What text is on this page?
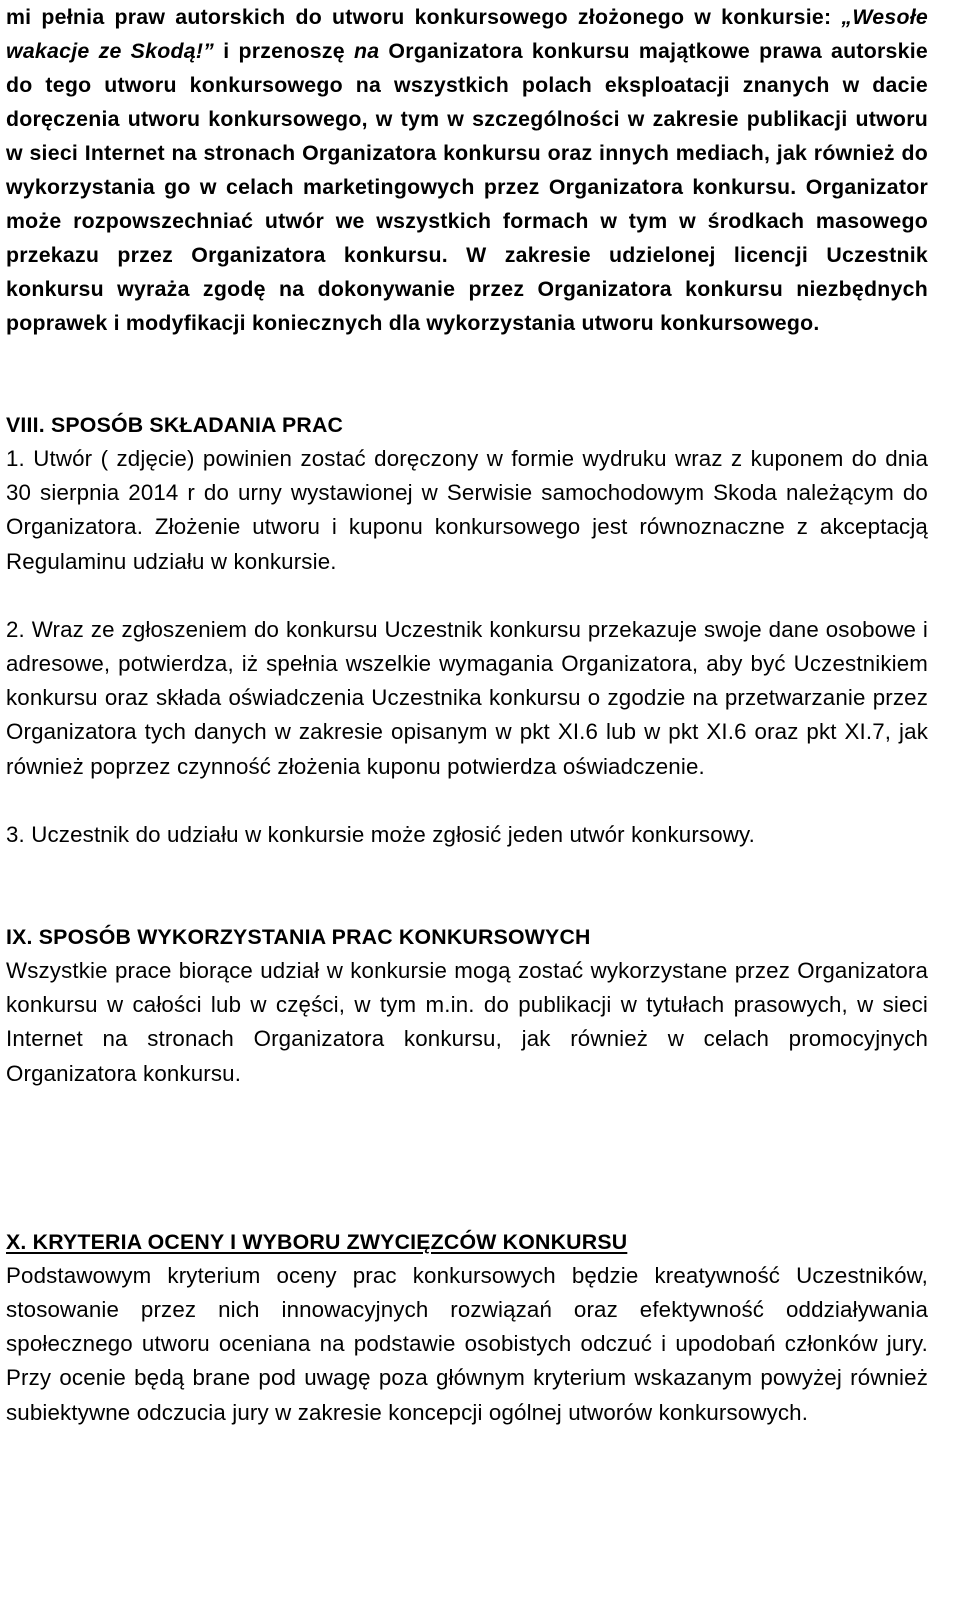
mi pełnia praw autorskich do utworu konkursowego złożonego w konkursie: „Wesołe wakacje ze Skodą!” i przenoszę na Organizatora konkursu majątkowe prawa autorskie do tego utworu konkursowego na wszystkich polach eksploatacji znanych w dacie doręczenia utworu konkursowego, w tym w szczególności w zakresie publikacji utworu w sieci Internet na stronach Organizatora konkursu oraz innych mediach, jak również do wykorzystania go w celach marketingowych przez Organizatora konkursu. Organizator może rozpowszechniać utwór we wszystkich formach w tym w środkach masowego przekazu przez Organizatora konkursu. W zakresie udzielonej licencji Uczestnik konkursu wyraża zgodę na dokonywanie przez Organizatora konkursu niezbędnych poprawek i modyfikacji koniecznych dla wykorzystania utworu konkursowego.

VIII. SPOSÓB SKŁADANIA PRAC

1. Utwór ( zdjęcie) powinien zostać doręczony w formie wydruku wraz z kuponem do dnia 30 sierpnia 2014 r do urny wystawionej w Serwisie samochodowym Skoda należącym do Organizatora. Złożenie utworu i kuponu konkursowego jest równoznaczne z akceptacją Regulaminu udziału w konkursie.

2. Wraz ze zgłoszeniem do konkursu Uczestnik konkursu przekazuje swoje dane osobowe i adresowe, potwierdza, iż spełnia wszelkie wymagania Organizatora, aby być Uczestnikiem konkursu oraz składa oświadczenia Uczestnika konkursu o zgodzie na przetwarzanie przez Organizatora tych danych w zakresie opisanym w pkt XI.6 lub w pkt XI.6 oraz pkt XI.7, jak również poprzez czynność złożenia kuponu potwierdza oświadczenie.

3. Uczestnik do udziału w konkursie może zgłosić jeden utwór konkursowy.

IX. SPOSÓB WYKORZYSTANIA PRAC KONKURSOWYCH

Wszystkie prace biorące udział w konkursie mogą zostać wykorzystane przez Organizatora konkursu w całości lub w części, w tym m.in. do publikacji w tytułach prasowych, w sieci Internet na stronach Organizatora konkursu, jak również w celach promocyjnych Organizatora konkursu.

X. KRYTERIA OCENY I WYBORU ZWYCIĘZCÓW KONKURSU

Podstawowym kryterium oceny prac konkursowych będzie kreatywność Uczestników, stosowanie przez nich innowacyjnych rozwiązań oraz efektywność oddziaływania społecznego utworu oceniana na podstawie osobistych odczuć i upodobań członków jury. Przy ocenie będą brane pod uwagę poza głównym kryterium wskazanym powyżej również subiektywne odczucia jury w zakresie koncepcji ogólnej utworów konkursowych.
